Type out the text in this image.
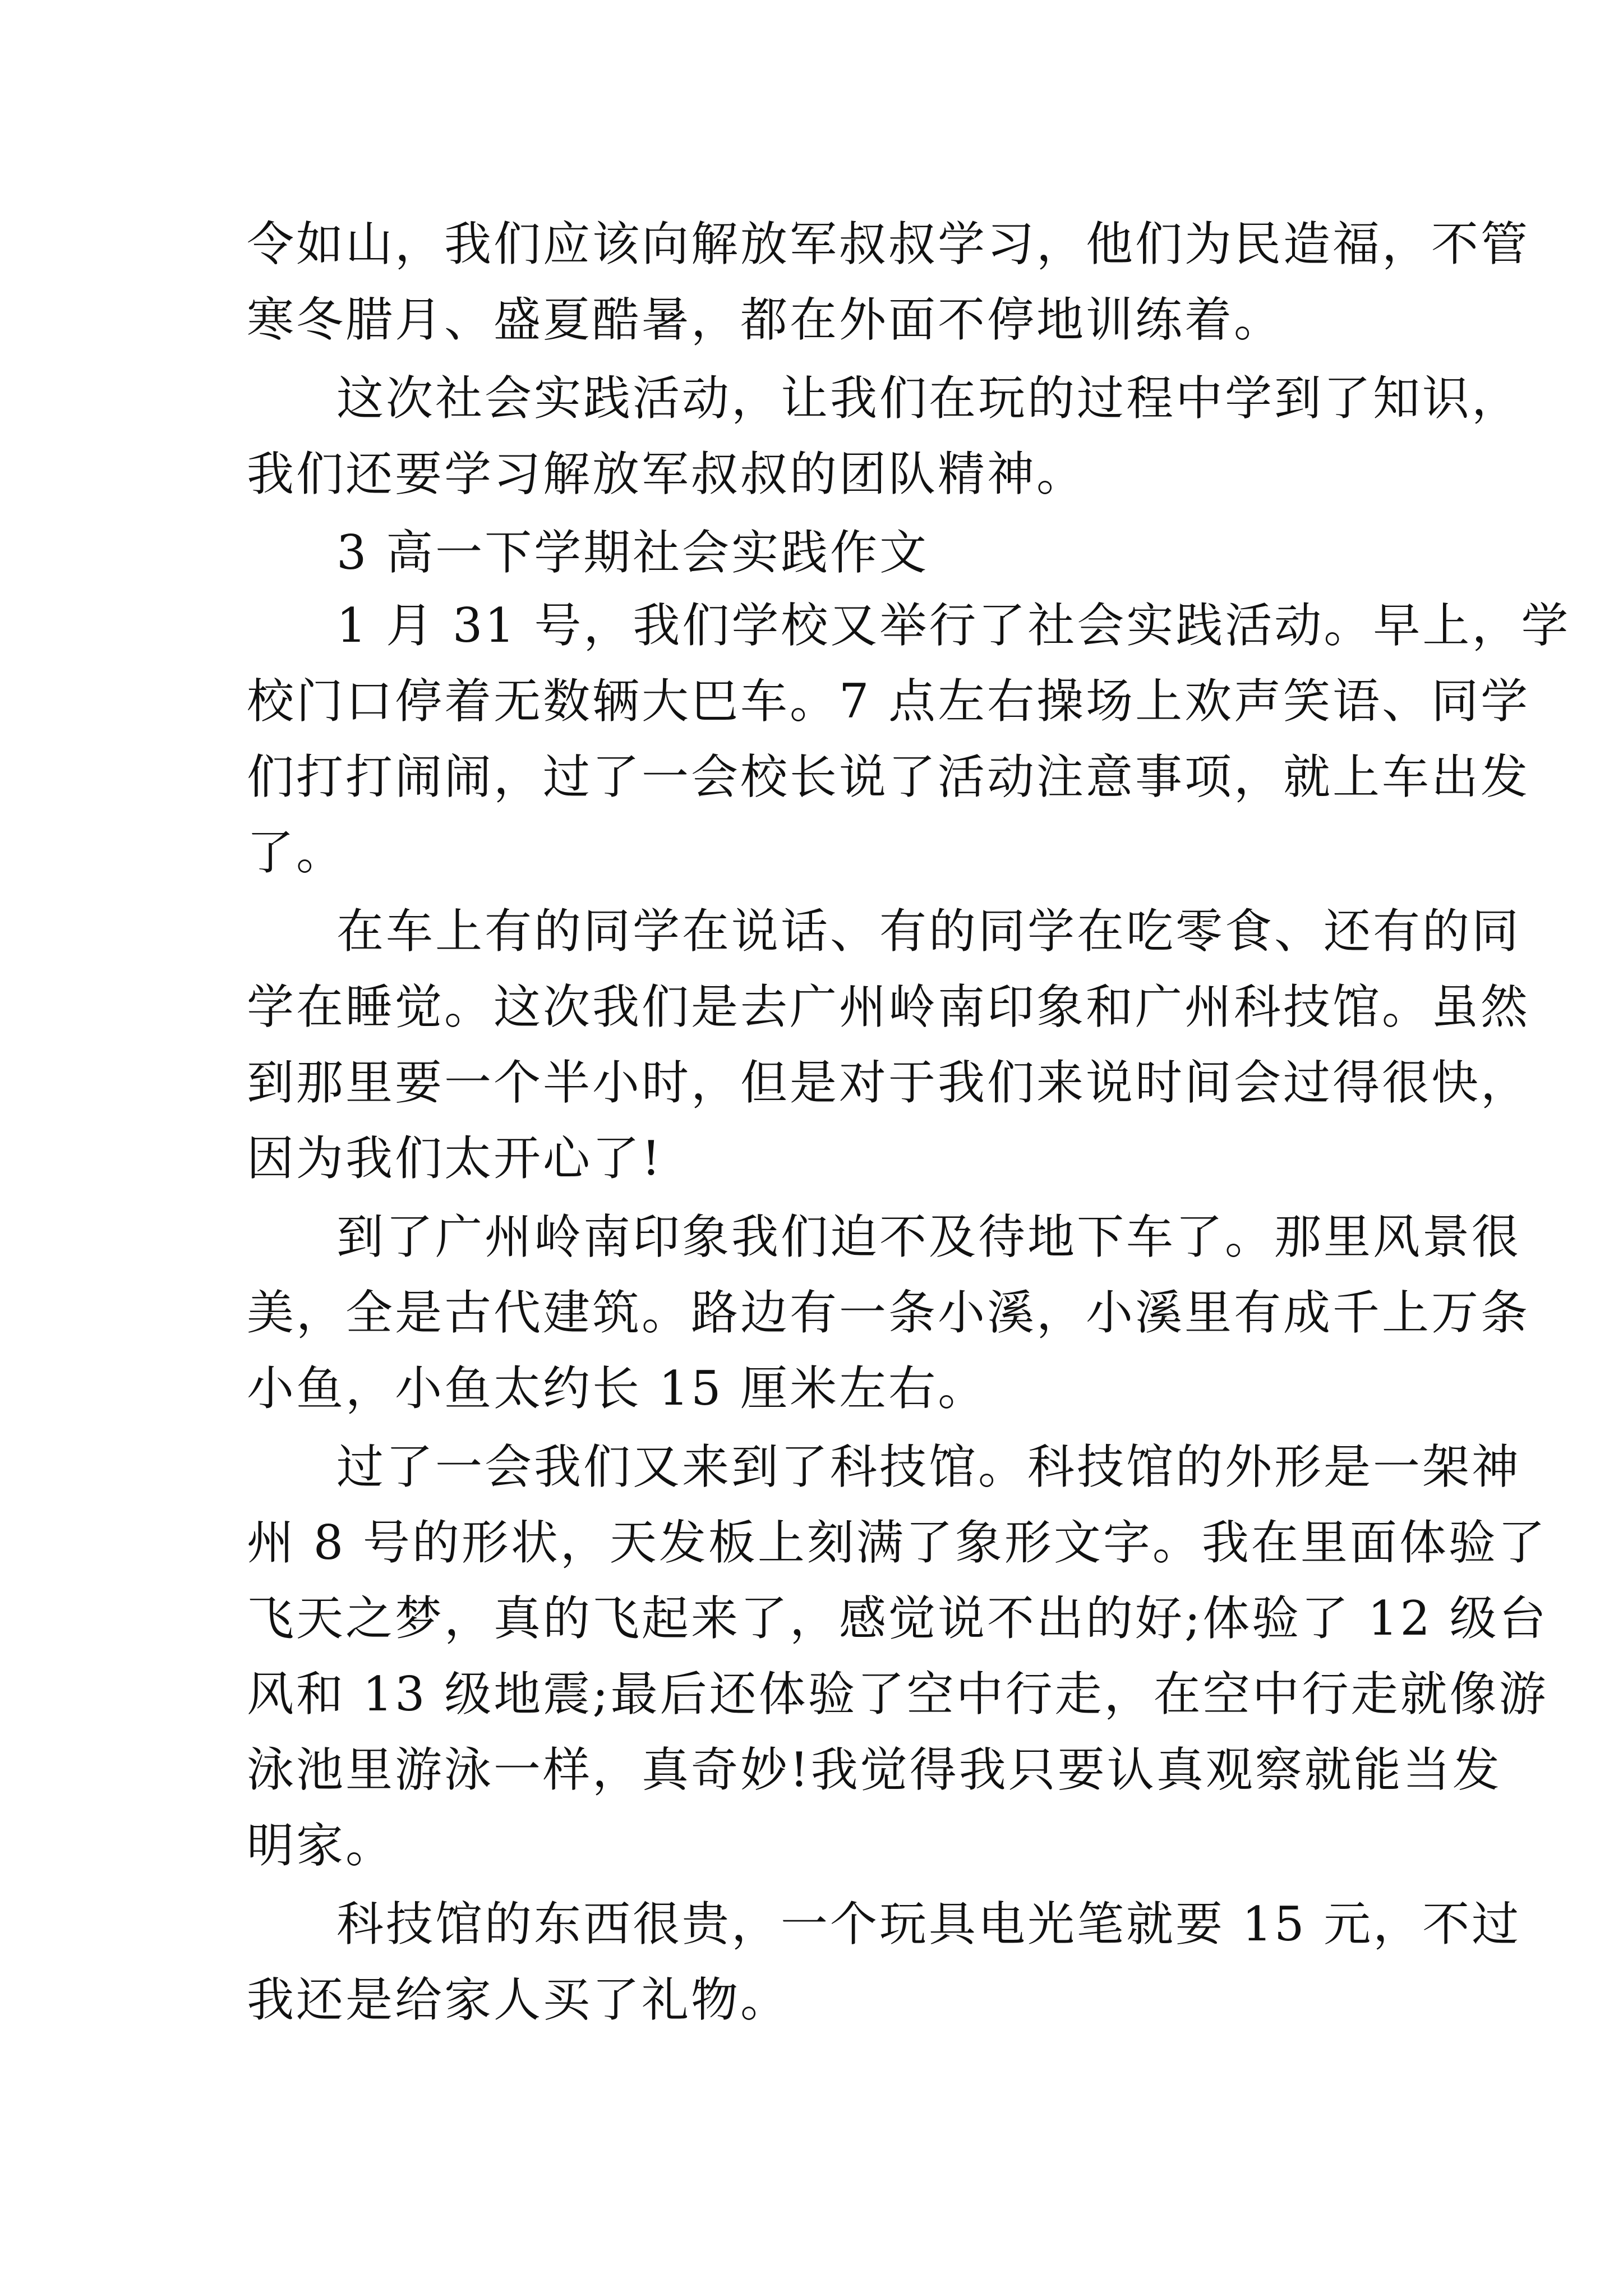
令如山，我们应该向解放军叔叔学习，他们为民造福，不管
寒冬腊月、盛夏酷暑，都在外面不停地训练着。
这次社会实践活动，让我们在玩的过程中学到了知识，
我们还要学习解放军叔叔的团队精神。
3 高一下学期社会实践作文
1 月 31 号，我们学校又举行了社会实践活动。早上，学
校门口停着无数辆大巴车。7 点左右操场上欢声笑语、同学
们打打闹闹，过了一会校长说了活动注意事项，就上车出发
了。
在车上有的同学在说话、有的同学在吃零食、还有的同
学在睡觉。这次我们是去广州岭南印象和广州科技馆。虽然
到那里要一个半小时，但是对于我们来说时间会过得很快，
因为我们太开心了!
到了广州岭南印象我们迫不及待地下车了。那里风景很
美，全是古代建筑。路边有一条小溪，小溪里有成千上万条
小鱼，小鱼太约长 15 厘米左右。
过了一会我们又来到了科技馆。科技馆的外形是一架神
州 8 号的形状，天发板上刻满了象形文字。我在里面体验了
飞天之梦，真的飞起来了，感觉说不出的好;体验了 12 级台
风和 13 级地震;最后还体验了空中行走，在空中行走就像游
泳池里游泳一样，真奇妙!我觉得我只要认真观察就能当发
明家。
科技馆的东西很贵，一个玩具电光笔就要 15 元，不过
我还是给家人买了礼物。
